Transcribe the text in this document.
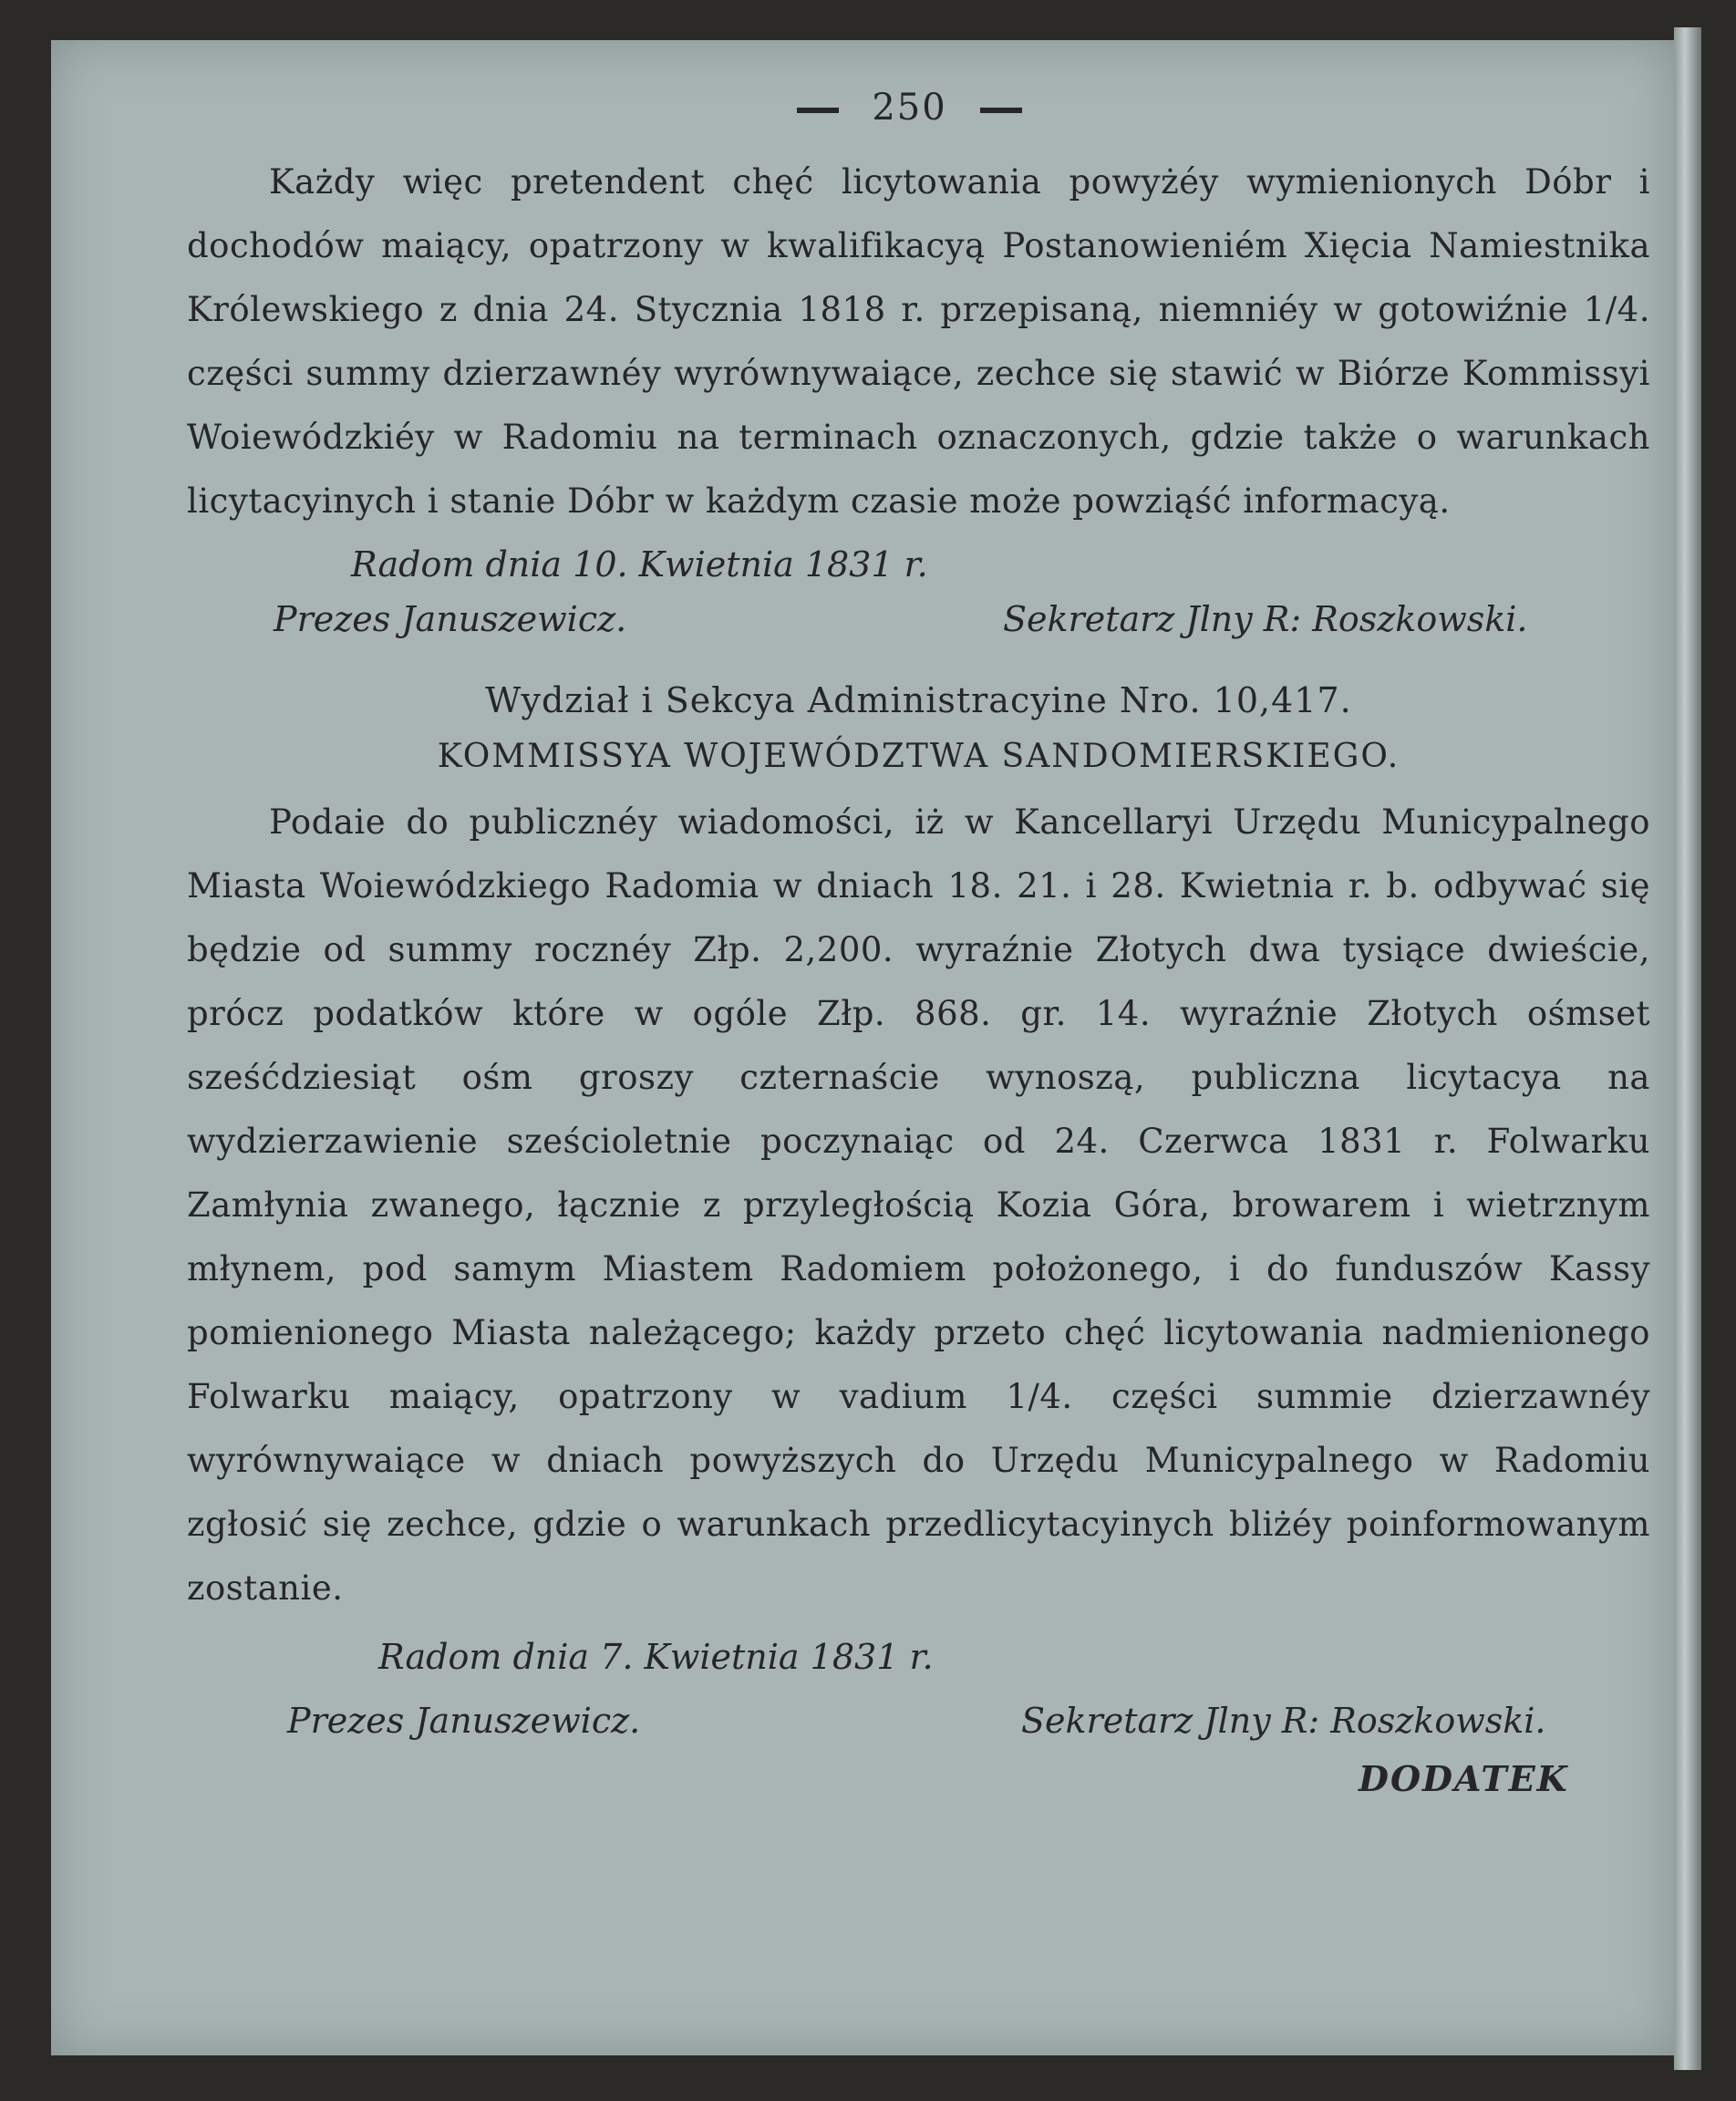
250

Każdy więc pretendent chęć licytowania powyżéy wymienionych Dóbr i dochodów maiący, opatrzony w kwalifikacyą Postanowieniém Xięcia Namiestnika Królewskiego z dnia 24. Stycznia 1818 r. przepisaną, niemniéy w gotowiźnie 1/4. części summy dzierzawnéy wyrównywaiące, zechce się stawić w Biórze Kommissyi Woiewódzkiéy w Radomiu na terminach oznaczonych, gdzie także o warunkach licytacyinych i stanie Dóbr w każdym czasie może powziąść informacyą.

Radom dnia 10. Kwietnia 1831 r.
Prezes Januszewicz.	Sekretarz Jlny R: Roszkowski.
Wydział i Sekcya Administracyine Nro. 10,417.
KOMMISSYA WOJEWÓDZTWA SANDOMIERSKIEGO.

Podaie do publicznéy wiadomości, iż w Kancellaryi Urzędu Municypalnego Miasta Woiewódzkiego Radomia w dniach 18. 21. i 28. Kwietnia r. b. odbywać się będzie od summy rocznéy Złp. 2,200. wyraźnie Złotych dwa tysiące dwieście, prócz podatków które w ogóle Złp. 868. gr. 14. wyraźnie Złotych ośmset sześćdziesiąt ośm groszy czternaście wynoszą, publiczna licytacya na wydzierzawienie sześcioletnie poczynaiąc od 24. Czerwca 1831 r. Folwarku Zamłynia zwanego, łącznie z przyległością Kozia Góra, browarem i wietrznym młynem, pod samym Miastem Radomiem położonego, i do funduszów Kassy pomienionego Miasta należącego; każdy przeto chęć licytowania nadmienionego Folwarku maiący, opatrzony w vadium 1/4. części summie dzierzawnéy wyrównywaiące w dniach powyższych do Urzędu Municypalnego w Radomiu zgłosić się zechce, gdzie o warunkach przedlicytacyinych bliżéy poinformowanym zostanie.

Radom dnia 7. Kwietnia 1831 r.
Prezes Januszewicz.	Sekretarz Jlny R: Roszkowski.
DODATEK
